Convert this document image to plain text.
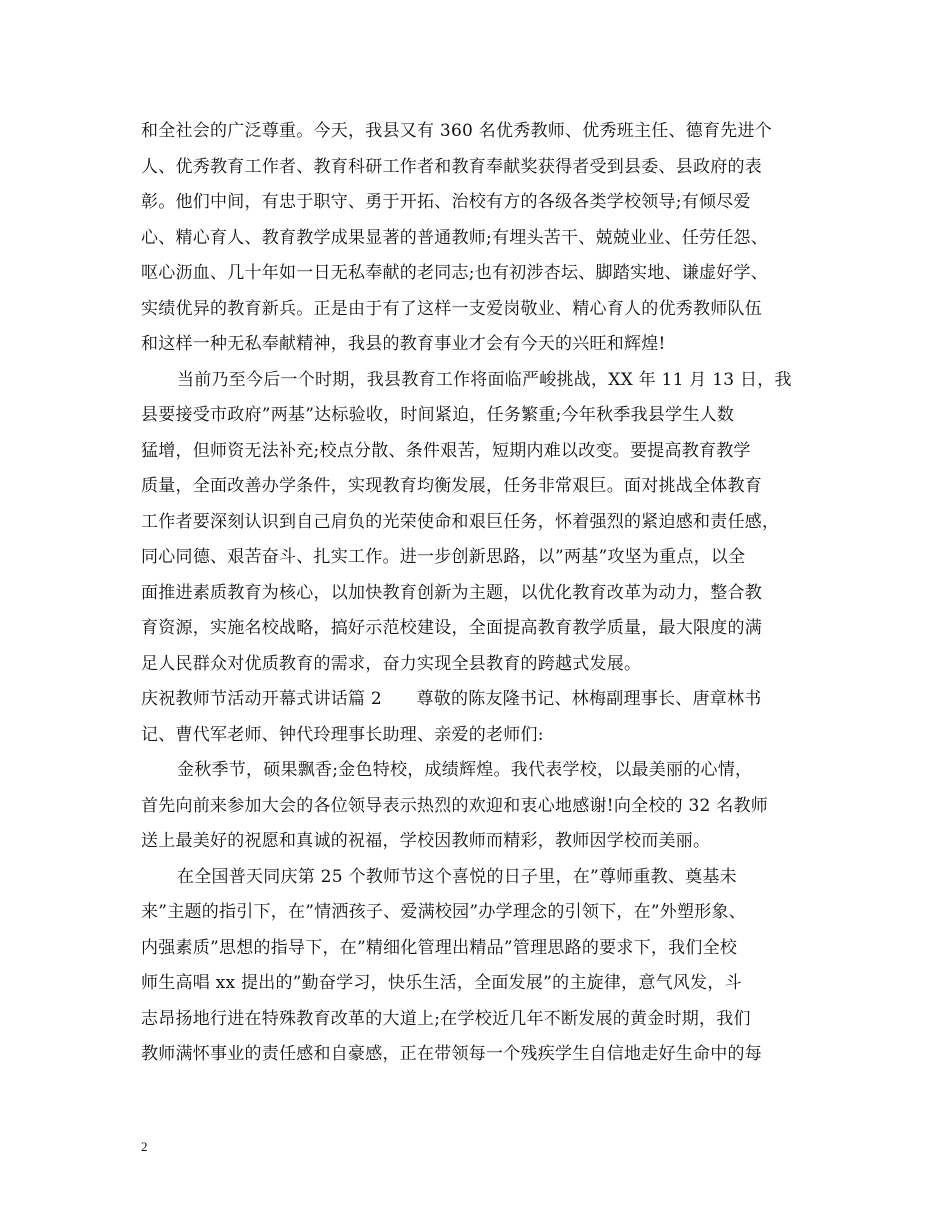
和全社会的广泛尊重。今天，我县又有 360 名优秀教师、优秀班主任、德育先进个
人、优秀教育工作者、教育科研工作者和教育奉献奖获得者受到县委、县政府的表
彰。他们中间，有忠于职守、勇于开拓、治校有方的各级各类学校领导;有倾尽爱
心、精心育人、教育教学成果显著的普通教师;有埋头苦干、兢兢业业、任劳任怨、
呕心沥血、几十年如一日无私奉献的老同志;也有初涉杏坛、脚踏实地、谦虚好学、
实绩优异的教育新兵。正是由于有了这样一支爱岗敬业、精心育人的优秀教师队伍
和这样一种无私奉献精神，我县的教育事业才会有今天的兴旺和辉煌!
当前乃至今后一个时期，我县教育工作将面临严峻挑战，XX 年 11 月 13 日，我
县要接受市政府”两基”达标验收，时间紧迫，任务繁重;今年秋季我县学生人数
猛增，但师资无法补充;校点分散、条件艰苦，短期内难以改变。要提高教育教学
质量，全面改善办学条件，实现教育均衡发展，任务非常艰巨。面对挑战全体教育
工作者要深刻认识到自己肩负的光荣使命和艰巨任务，怀着强烈的紧迫感和责任感，
同心同德、艰苦奋斗、扎实工作。进一步创新思路，以”两基”攻坚为重点，以全
面推进素质教育为核心，以加快教育创新为主题，以优化教育改革为动力，整合教
育资源，实施名校战略，搞好示范校建设，全面提高教育教学质量，最大限度的满
足人民群众对优质教育的需求，奋力实现全县教育的跨越式发展。
庆祝教师节活动开幕式讲话篇 2　　尊敬的陈友隆书记、林梅副理事长、唐章林书
记、曹代军老师、钟代玲理事长助理、亲爱的老师们:
金秋季节，硕果飘香;金色特校，成绩辉煌。我代表学校，以最美丽的心情，
首先向前来参加大会的各位领导表示热烈的欢迎和衷心地感谢!向全校的 32 名教师
送上最美好的祝愿和真诚的祝福，学校因教师而精彩，教师因学校而美丽。
在全国普天同庆第 25 个教师节这个喜悦的日子里，在”尊师重教、奠基未
来”主题的指引下，在”情洒孩子、爱满校园”办学理念的引领下，在”外塑形象、
内强素质”思想的指导下，在”精细化管理出精品”管理思路的要求下，我们全校
师生高唱 xx 提出的”勤奋学习，快乐生活，全面发展”的主旋律，意气风发，斗
志昂扬地行进在特殊教育改革的大道上;在学校近几年不断发展的黄金时期，我们
教师满怀事业的责任感和自豪感，正在带领每一个残疾学生自信地走好生命中的每
2
